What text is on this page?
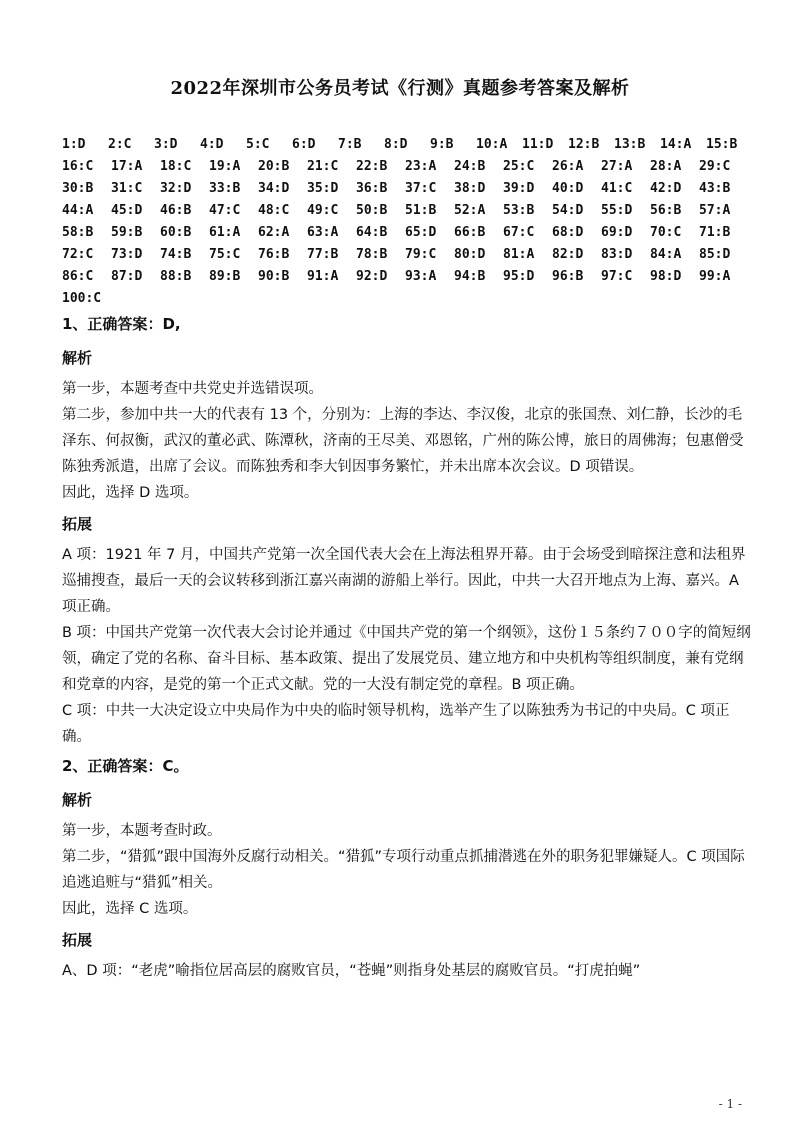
2022年深圳市公务员考试《行测》真题参考答案及解析
1:D	2:C	3:D	4:D	5:C	6:D	7:B	8:D	9:B	10:A	11:D	12:B	13:B	14:A	15:B
16:C	17:A	18:C	19:A	20:B	21:C	22:B	23:A	24:B	25:C	26:A	27:A	28:A	29:C
30:B	31:C	32:D	33:B	34:D	35:D	36:B	37:C	38:D	39:D	40:D	41:C	42:D	43:B
44:A	45:D	46:B	47:C	48:C	49:C	50:B	51:B	52:A	53:B	54:D	55:D	56:B	57:A
58:B	59:B	60:B	61:A	62:A	63:A	64:B	65:D	66:B	67:C	68:D	69:D	70:C	71:B
72:C	73:D	74:B	75:C	76:B	77:B	78:B	79:C	80:D	81:A	82:D	83:D	84:A	85:D
86:C	87:D	88:B	89:B	90:B	91:A	92:D	93:A	94:B	95:D	96:B	97:C	98:D	99:A
100:C
1、正确答案：D,
解析

第一步，本题考查中共党史并选错误项。

第二步，参加中共一大的代表有 13 个，分别为：上海的李达、李汉俊，北京的张国焘、刘仁静，长沙的毛泽东、何叔衡，武汉的董必武、陈潭秋，济南的王尽美、邓恩铭，广州的陈公博，旅日的周佛海；包惠僧受陈独秀派遣，出席了会议。而陈独秀和李大钊因事务繁忙，并未出席本次会议。D 项错误。

因此，选择 D 选项。

拓展

A 项：1921 年 7 月，中国共产党第一次全国代表大会在上海法租界开幕。由于会场受到暗探注意和法租界巡捕搜查，最后一天的会议转移到浙江嘉兴南湖的游船上举行。因此，中共一大召开地点为上海、嘉兴。A 项正确。

B 项：中国共产党第一次代表大会讨论并通过《中国共产党的第一个纲领》，这份１５条约７００字的简短纲领，确定了党的名称、奋斗目标、基本政策、提出了发展党员、建立地方和中央机构等组织制度，兼有党纲和党章的内容，是党的第一个正式文献。党的一大没有制定党的章程。B 项正确。

C 项：中共一大决定设立中央局作为中央的临时领导机构，选举产生了以陈独秀为书记的中央局。C 项正确。

2、正确答案：C。
解析

第一步，本题考查时政。

第二步，“猎狐”跟中国海外反腐行动相关。“猎狐”专项行动重点抓捕潜逃在外的职务犯罪嫌疑人。C 项国际追逃追赃与“猎狐”相关。

因此，选择 C 选项。

拓展

A、D 项：“老虎”喻指位居高层的腐败官员，“苍蝇”则指身处基层的腐败官员。“打虎拍蝇”

- 1 -
